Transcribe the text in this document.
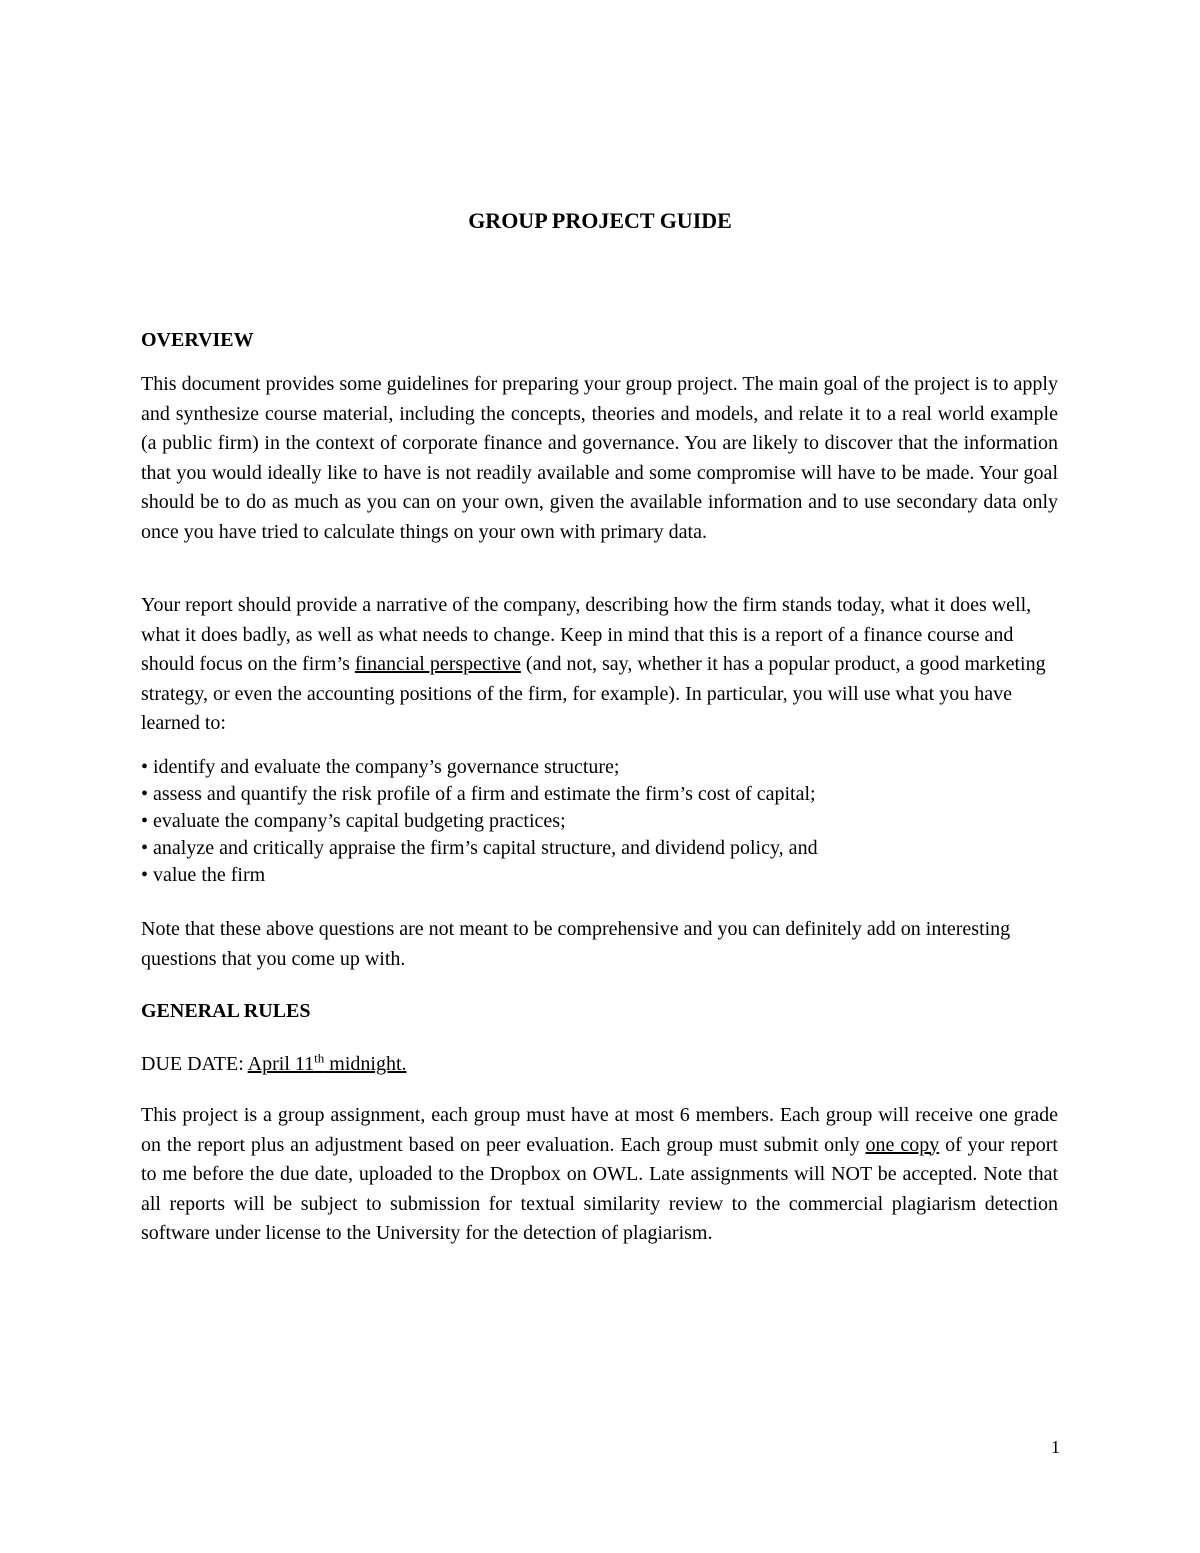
GROUP PROJECT GUIDE
OVERVIEW

This document provides some guidelines for preparing your group project. The main goal of the project is to apply and synthesize course material, including the concepts, theories and models, and relate it to a real world example (a public firm) in the context of corporate finance and governance. You are likely to discover that the information that you would ideally like to have is not readily available and some compromise will have to be made. Your goal should be to do as much as you can on your own, given the available information and to use secondary data only once you have tried to calculate things on your own with primary data.

Your report should provide a narrative of the company, describing how the firm stands today, what it does well, what it does badly, as well as what needs to change. Keep in mind that this is a report of a finance course and should focus on the firm’s financial perspective (and not, say, whether it has a popular product, a good marketing strategy, or even the accounting positions of the firm, for example). In particular, you will use what you have learned to:

• identify and evaluate the company’s governance structure;
• assess and quantify the risk profile of a firm and estimate the firm’s cost of capital;
• evaluate the company’s capital budgeting practices;
• analyze and critically appraise the firm’s capital structure, and dividend policy, and
• value the firm

Note that these above questions are not meant to be comprehensive and you can definitely add on interesting questions that you come up with.

GENERAL RULES

DUE DATE: April 11th midnight.

This project is a group assignment, each group must have at most 6 members. Each group will receive one grade on the report plus an adjustment based on peer evaluation. Each group must submit only one copy of your report to me before the due date, uploaded to the Dropbox on OWL. Late assignments will NOT be accepted. Note that all reports will be subject to submission for textual similarity review to the commercial plagiarism detection software under license to the University for the detection of plagiarism.

1
